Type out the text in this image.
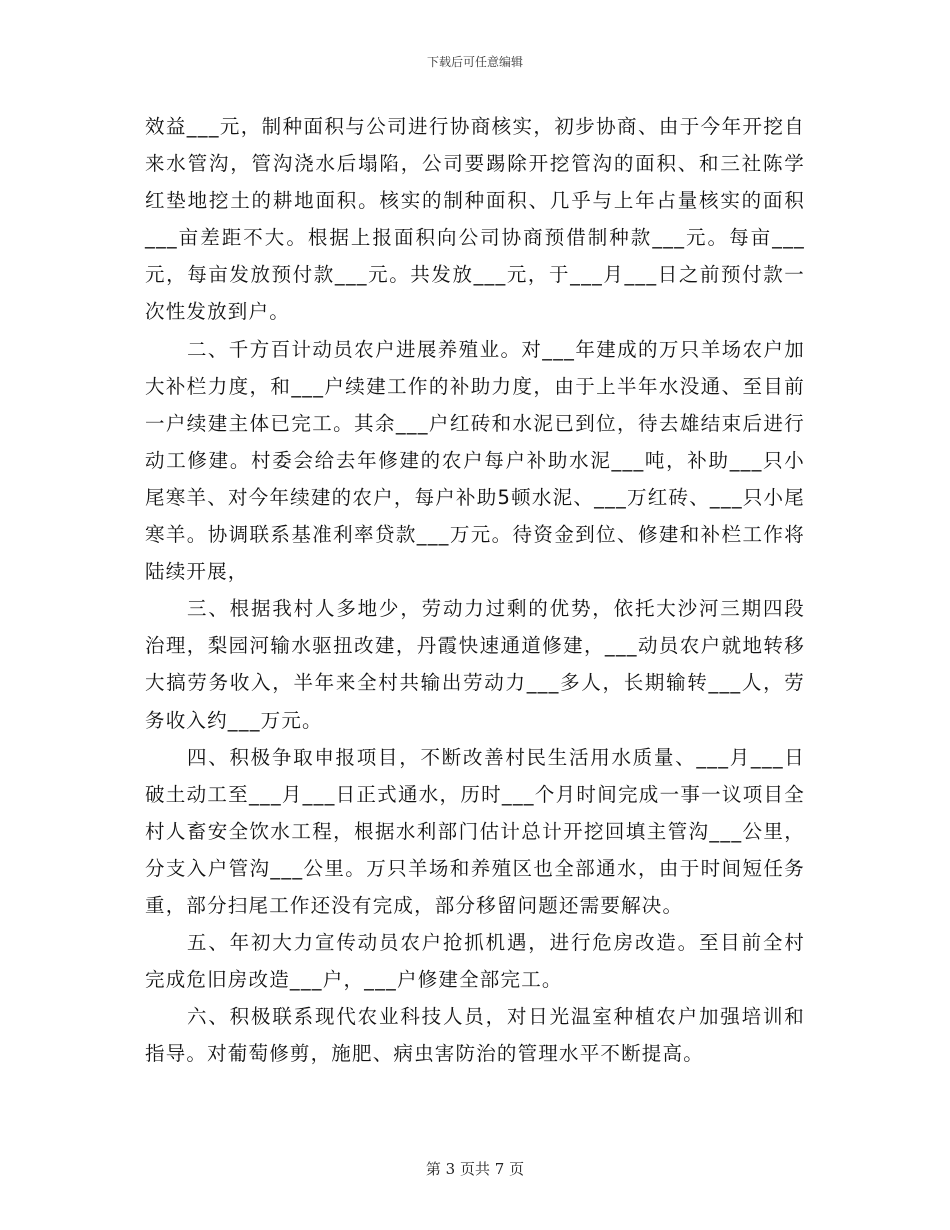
下载后可任意编辑

效益___元，制种面积与公司进行协商核实，初步协商、由于今年开挖自来水管沟，管沟浇水后塌陷，公司要踢除开挖管沟的面积、和三社陈学红垫地挖土的耕地面积。核实的制种面积、几乎与上年占量核实的面积___亩差距不大。根据上报面积向公司协商预借制种款___元。每亩___元，每亩发放预付款___元。共发放___元，于___月___日之前预付款一次性发放到户。

二、千方百计动员农户进展养殖业。对___年建成的万只羊场农户加大补栏力度，和___户续建工作的补助力度，由于上半年水没通、至目前一户续建主体已完工。其余___户红砖和水泥已到位，待去雄结束后进行动工修建。村委会给去年修建的农户每户补助水泥___吨，补助___只小尾寒羊、对今年续建的农户，每户补助5顿水泥、___万红砖、___只小尾寒羊。协调联系基准利率贷款___万元。待资金到位、修建和补栏工作将陆续开展，

三、根据我村人多地少，劳动力过剩的优势，依托大沙河三期四段治理，梨园河输水驱扭改建，丹霞快速通道修建，___动员农户就地转移大搞劳务收入，半年来全村共输出劳动力___多人，长期输转___人，劳务收入约___万元。

四、积极争取申报项目，不断改善村民生活用水质量、___月___日破土动工至___月___日正式通水，历时___个月时间完成一事一议项目全村人畜安全饮水工程，根据水利部门估计总计开挖回填主管沟___公里，分支入户管沟___公里。万只羊场和养殖区也全部通水，由于时间短任务重，部分扫尾工作还没有完成，部分移留问题还需要解决。

五、年初大力宣传动员农户抢抓机遇，进行危房改造。至目前全村完成危旧房改造___户，___户修建全部完工。

六、积极联系现代农业科技人员，对日光温室种植农户加强培训和指导。对葡萄修剪，施肥、病虫害防治的管理水平不断提高。

第 3 页共 7 页
